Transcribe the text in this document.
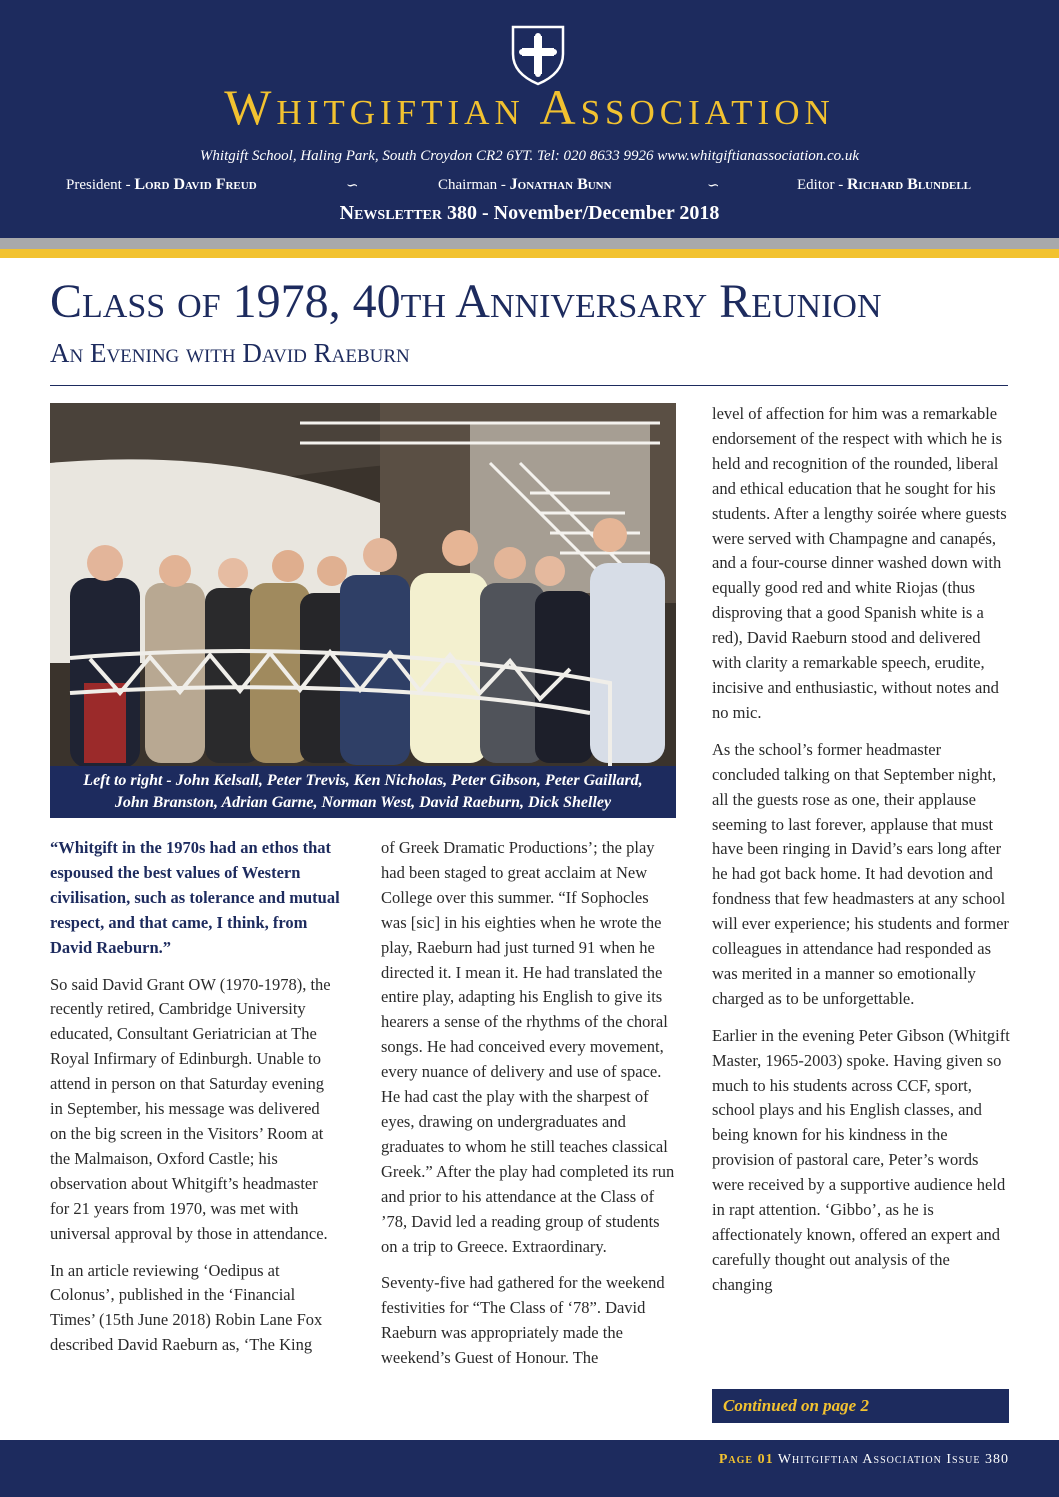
Whitgiftian Association
Whitgift School, Haling Park, South Croydon CR2 6YT. Tel: 020 8633 9926 www.whitgiftianassociation.co.uk
President - Lord David Freud	∽	Chairman - Jonathan Bunn	∽	Editor - Richard Blundell
Newsletter 380 - November/December 2018
Class of 1978, 40th Anniversary Reunion
An Evening with David Raeburn
Left to right - John Kelsall, Peter Trevis, Ken Nicholas, Peter Gibson, Peter Gaillard,
John Branston, Adrian Garne, Norman West, David Raeburn, Dick Shelley

“Whitgift in the 1970s had an ethos that espoused the best values of Western civilisation, such as tolerance and mutual respect, and that came, I think, from David Raeburn.”

So said David Grant OW (1970-1978), the recently retired, Cambridge University educated, Consultant Geriatrician at The Royal Infirmary of Edinburgh. Unable to attend in person on that Saturday evening in September, his message was delivered on the big screen in the Visitors’ Room at the Malmaison, Oxford Castle; his observation about Whitgift’s headmaster for 21 years from 1970, was met with universal approval by those in attendance.

In an article reviewing ‘Oedipus at Colonus’, published in the ‘Financial Times’ (15th June 2018) Robin Lane Fox described David Raeburn as, ‘The King

of Greek Dramatic Productions’; the play had been staged to great acclaim at New College over this summer. “If Sophocles was [sic] in his eighties when he wrote the play, Raeburn had just turned 91 when he directed it. I mean it. He had translated the entire play, adapting his English to give its hearers a sense of the rhythms of the choral songs. He had conceived every movement, every nuance of delivery and use of space. He had cast the play with the sharpest of eyes, drawing on undergraduates and graduates to whom he still teaches classical Greek.” After the play had completed its run and prior to his attendance at the Class of ’78, David led a reading group of students on a trip to Greece. Extraordinary.

Seventy-five had gathered for the weekend festivities for “The Class of ‘78”. David Raeburn was appropriately made the weekend’s Guest of Honour. The

level of affection for him was a remarkable endorsement of the respect with which he is held and recognition of the rounded, liberal and ethical education that he sought for his students. After a lengthy soirée where guests were served with Champagne and canapés, and a four-course dinner washed down with equally good red and white Riojas (thus disproving that a good Spanish white is a red), David Raeburn stood and delivered with clarity a remarkable speech, erudite, incisive and enthusiastic, without notes and no mic.

As the school’s former headmaster concluded talking on that September night, all the guests rose as one, their applause seeming to last forever, applause that must have been ringing in David’s ears long after he had got back home. It had devotion and fondness that few headmasters at any school will ever experience; his students and former colleagues in attendance had responded as was merited in a manner so emotionally charged as to be unforgettable.

Earlier in the evening Peter Gibson (Whitgift Master, 1965-2003) spoke. Having given so much to his students across CCF, sport, school plays and his English classes, and being known for his kindness in the provision of pastoral care, Peter’s words were received by a supportive audience held in rapt attention. ‘Gibbo’, as he is affectionately known, offered an expert and carefully thought out analysis of the changing

Continued on page 2
Page 01 Whitgiftian Association Issue 380
